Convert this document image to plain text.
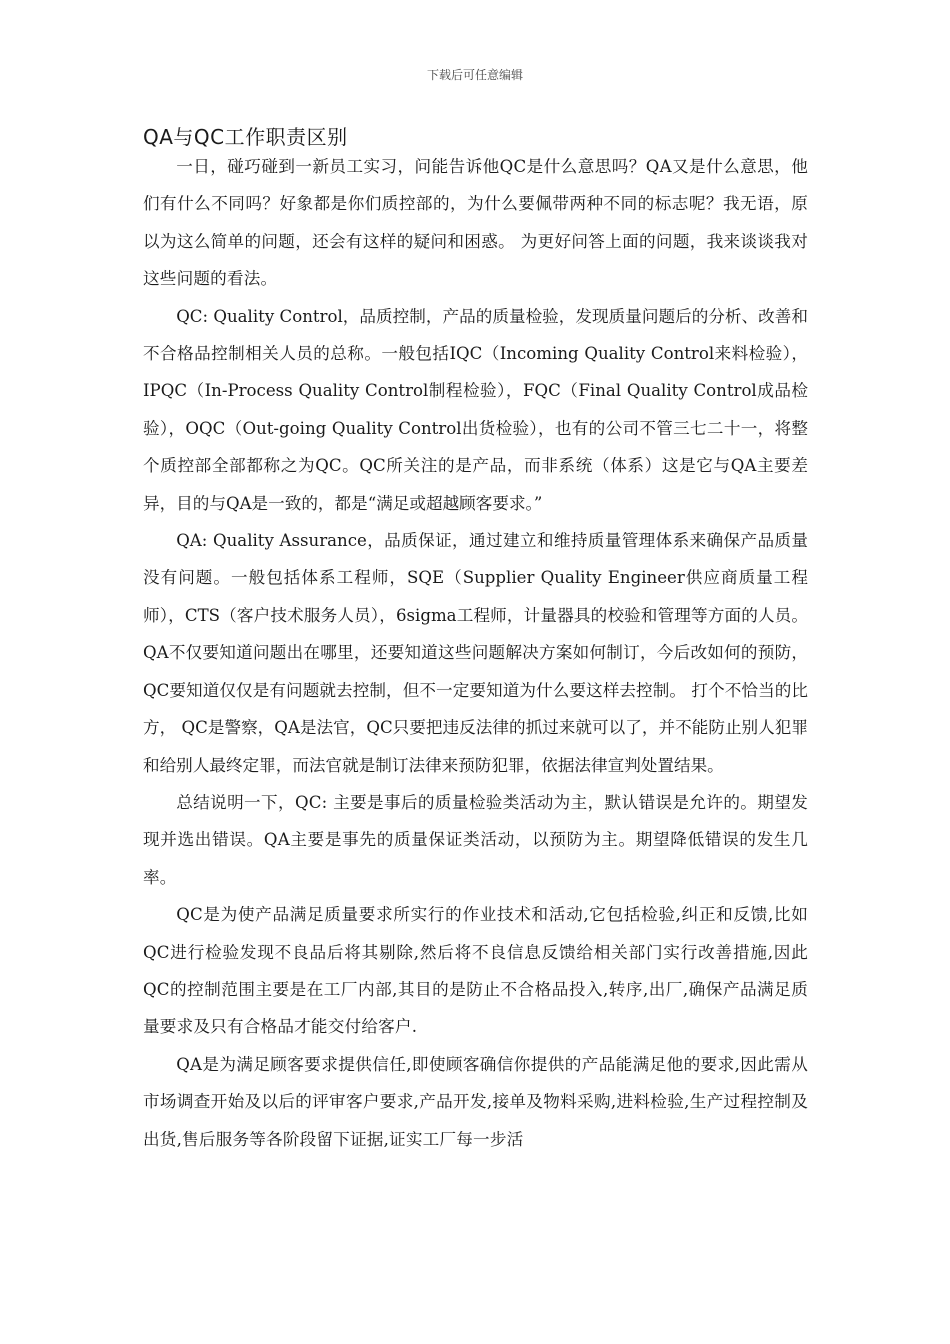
下载后可任意编辑
QA与QC工作职责区别

一日，碰巧碰到一新员工实习，问能告诉他QC是什么意思吗？QA又是什么意思，他们有什么不同吗？好象都是你们质控部的，为什么要佩带两种不同的标志呢？我无语，原以为这么简单的问题，还会有这样的疑问和困惑。 为更好问答上面的问题，我来谈谈我对这些问题的看法。

QC: Quality Control，品质控制，产品的质量检验，发现质量问题后的分析、改善和不合格品控制相关人员的总称。一般包括IQC（Incoming Quality Control来料检验），IPQC（In-Process Quality Control制程检验），FQC（Final Quality Control成品检验），OQC（Out-going Quality Control出货检验），也有的公司不管三七二十一，将整个质控部全部都称之为QC。QC所关注的是产品，而非系统（体系）这是它与QA主要差异，目的与QA是一致的，都是“满足或超越顾客要求。”

QA: Quality Assurance，品质保证，通过建立和维持质量管理体系来确保产品质量没有问题。一般包括体系工程师，SQE（Supplier Quality Engineer供应商质量工程师），CTS（客户技术服务人员），6sigma工程师，计量器具的校验和管理等方面的人员。QA不仅要知道问题出在哪里，还要知道这些问题解决方案如何制订，今后改如何的预防，QC要知道仅仅是有问题就去控制，但不一定要知道为什么要这样去控制。 打个不恰当的比方， QC是警察，QA是法官，QC只要把违反法律的抓过来就可以了，并不能防止别人犯罪和给别人最终定罪，而法官就是制订法律来预防犯罪，依据法律宣判处置结果。

总结说明一下，QC: 主要是事后的质量检验类活动为主，默认错误是允许的。期望发现并选出错误。QA主要是事先的质量保证类活动，以预防为主。期望降低错误的发生几率。

QC是为使产品满足质量要求所实行的作业技术和活动,它包括检验,纠正和反馈,比如QC进行检验发现不良品后将其剔除,然后将不良信息反馈给相关部门实行改善措施,因此QC的控制范围主要是在工厂内部,其目的是防止不合格品投入,转序,出厂,确保产品满足质量要求及只有合格品才能交付给客户.

QA是为满足顾客要求提供信任,即使顾客确信你提供的产品能满足他的要求,因此需从市场调查开始及以后的评审客户要求,产品开发,接单及物料采购,进料检验,生产过程控制及出货,售后服务等各阶段留下证据,证实工厂每一步活
